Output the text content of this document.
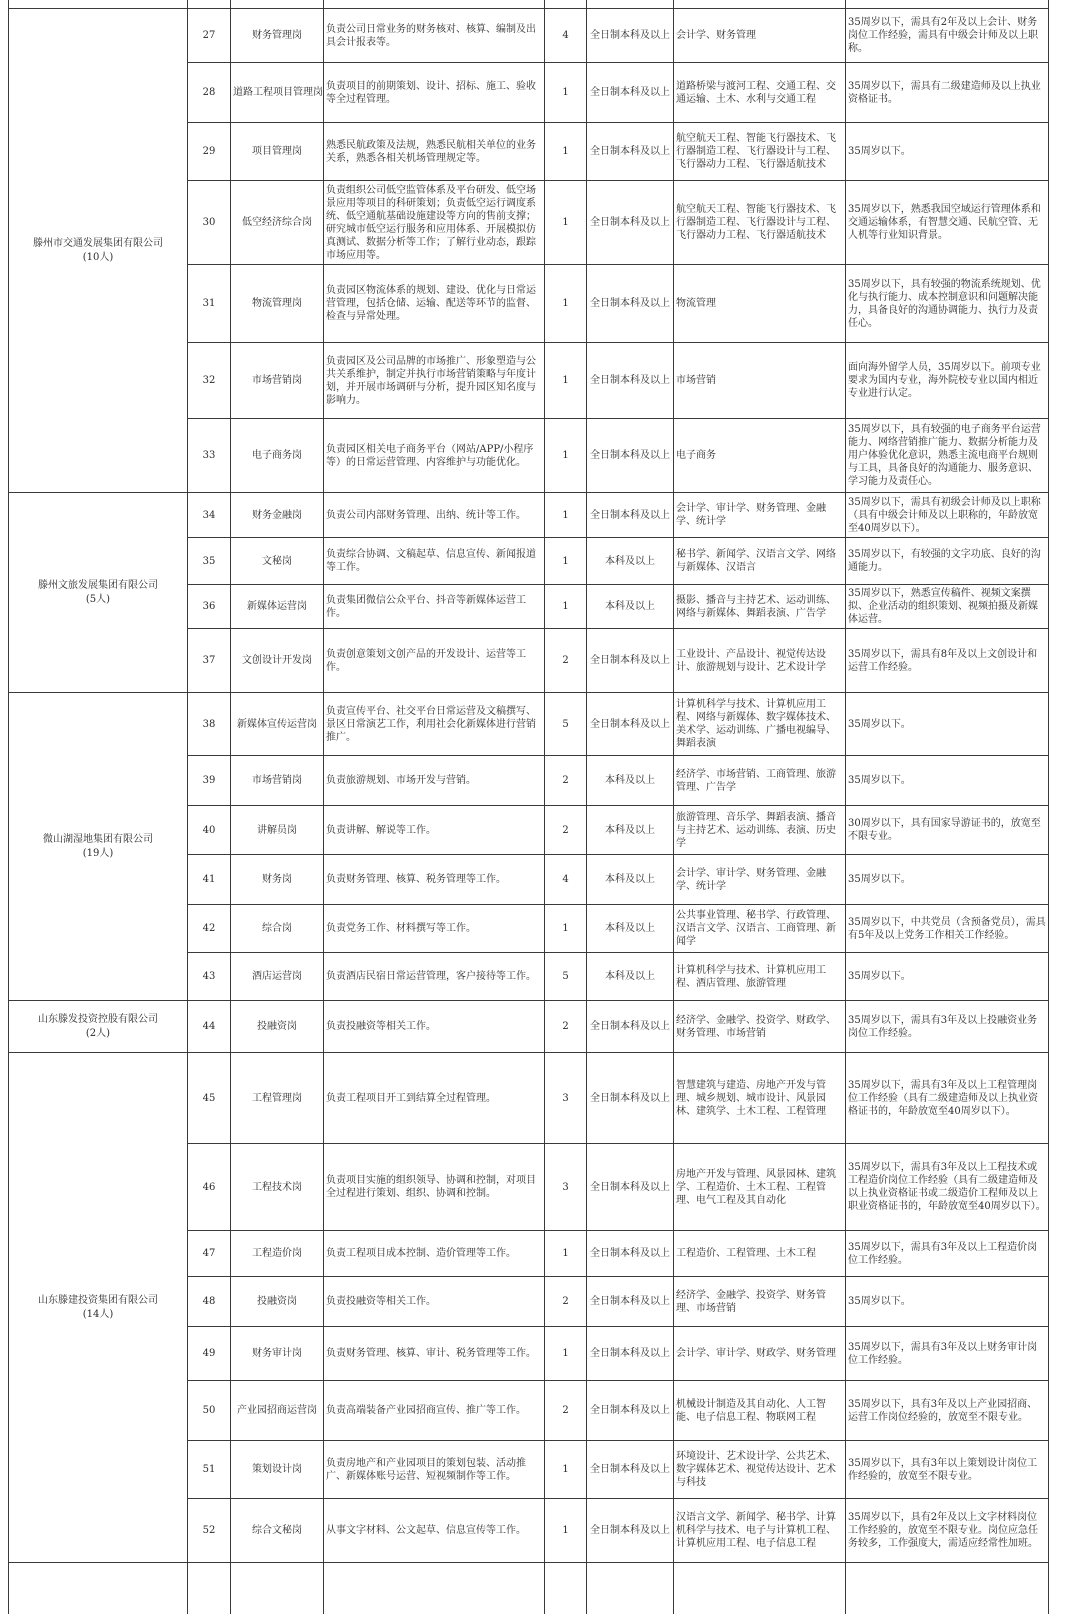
滕州市交通发展集团有限公司
(10人)	27	财务管理岗	负责公司日常业务的财务核对、核算、编制及出具会计报表等。	4	全日制本科及以上	会计学、财务管理	35周岁以下，需具有2年及以上会计、财务岗位工作经验，需具有中级会计师及以上职称。
	28	道路工程项目管理岗	负责项目的前期策划、设计、招标、施工、验收等全过程管理。	1	全日制本科及以上	道路桥梁与渡河工程、交通工程、交通运输、土木、水利与交通工程	35周岁以下，需具有二级建造师及以上执业资格证书。
	29	项目管理岗	熟悉民航政策及法规，熟悉民航相关单位的业务关系，熟悉各相关机场管理规定等。	1	全日制本科及以上	航空航天工程、智能飞行器技术、飞行器制造工程、飞行器设计与工程、飞行器动力工程、飞行器适航技术	35周岁以下。
	30	低空经济综合岗	负责组织公司低空监管体系及平台研发、低空场景应用等项目的科研策划；负责低空运行调度系统、低空通航基础设施建设等方向的售前支撑；研究城市低空运行服务和应用体系、开展模拟仿真测试、数据分析等工作；了解行业动态，跟踪市场应用等。	1	全日制本科及以上	航空航天工程、智能飞行器技术、飞行器制造工程、飞行器设计与工程、飞行器动力工程、飞行器适航技术	35周岁以下，熟悉我国空域运行管理体系和交通运输体系，有智慧交通、民航空管、无人机等行业知识背景。
	31	物流管理岗	负责园区物流体系的规划、建设、优化与日常运营管理，包括仓储、运输、配送等环节的监督、检查与异常处理。	1	全日制本科及以上	物流管理	35周岁以下，具有较强的物流系统规划、优化与执行能力、成本控制意识和问题解决能力，具备良好的沟通协调能力、执行力及责任心。
	32	市场营销岗	负责园区及公司品牌的市场推广、形象塑造与公共关系维护，制定并执行市场营销策略与年度计划，并开展市场调研与分析，提升园区知名度与影响力。	1	全日制本科及以上	市场营销	面向海外留学人员，35周岁以下。前项专业要求为国内专业，海外院校专业以国内相近专业进行认定。
	33	电子商务岗	负责园区相关电子商务平台（网站/APP/小程序等）的日常运营管理、内容维护与功能优化。	1	全日制本科及以上	电子商务	35周岁以下，具有较强的电子商务平台运营能力、网络营销推广能力、数据分析能力及用户体验优化意识，熟悉主流电商平台规则与工具，具备良好的沟通能力、服务意识、学习能力及责任心。

滕州文旅发展集团有限公司
(5人)	34	财务金融岗	负责公司内部财务管理、出纳、统计等工作。	1	全日制本科及以上	会计学、审计学、财务管理、金融学、统计学	35周岁以下，需具有初级会计师及以上职称（具有中级会计师及以上职称的，年龄放宽至40周岁以下）。
	35	文秘岗	负责综合协调、文稿起草、信息宣传、新闻报道等工作。	1	本科及以上	秘书学、新闻学、汉语言文学、网络与新媒体、汉语言	35周岁以下，有较强的文字功底、良好的沟通能力。
	36	新媒体运营岗	负责集团微信公众平台、抖音等新媒体运营工作。	1	本科及以上	摄影、播音与主持艺术、运动训练、网络与新媒体、舞蹈表演、广告学	35周岁以下，熟悉宣传稿件、视频文案撰拟、企业活动的组织策划、视频拍摄及新媒体运营。
	37	文创设计开发岗	负责创意策划文创产品的开发设计、运营等工作。	2	全日制本科及以上	工业设计、产品设计、视觉传达设计、旅游规划与设计、艺术设计学	35周岁以下，需具有8年及以上文创设计和运营工作经验。

微山湖湿地集团有限公司
(19人)	38	新媒体宣传运营岗	负责宣传平台、社交平台日常运营及文稿撰写、景区日常演艺工作，利用社会化新媒体进行营销推广。	5	全日制本科及以上	计算机科学与技术、计算机应用工程、网络与新媒体、数字媒体技术、美术学、运动训练、广播电视编导、舞蹈表演	35周岁以下。
	39	市场营销岗	负责旅游规划、市场开发与营销。	2	本科及以上	经济学、市场营销、工商管理、旅游管理、广告学	35周岁以下。
	40	讲解员岗	负责讲解、解说等工作。	2	本科及以上	旅游管理、音乐学、舞蹈表演、播音与主持艺术、运动训练、表演、历史学	30周岁以下，具有国家导游证书的，放宽至不限专业。
	41	财务岗	负责财务管理、核算、税务管理等工作。	4	本科及以上	会计学、审计学、财务管理、金融学、统计学	35周岁以下。
	42	综合岗	负责党务工作、材料撰写等工作。	1	本科及以上	公共事业管理、秘书学、行政管理、汉语言文学、汉语言、工商管理、新闻学	35周岁以下，中共党员（含预备党员），需具有5年及以上党务工作相关工作经验。
	43	酒店运营岗	负责酒店民宿日常运营管理，客户接待等工作。	5	本科及以上	计算机科学与技术、计算机应用工程、酒店管理、旅游管理	35周岁以下。

山东滕发投资控股有限公司
(2人)	44	投融资岗	负责投融资等相关工作。	2	全日制本科及以上	经济学、金融学、投资学、财政学、财务管理、市场营销	35周岁以下，需具有3年及以上投融资业务岗位工作经验。

山东滕建投资集团有限公司
(14人)	45	工程管理岗	负责工程项目开工到结算全过程管理。	3	全日制本科及以上	智慧建筑与建造、房地产开发与管理、城乡规划、城市设计、风景园林、建筑学、土木工程、工程管理	35周岁以下，需具有3年及以上工程管理岗位工作经验（具有二级建造师及以上执业资格证书的，年龄放宽至40周岁以下）。
	46	工程技术岗	负责项目实施的组织领导、协调和控制，对项目全过程进行策划、组织、协调和控制。	3	全日制本科及以上	房地产开发与管理、风景园林、建筑学、工程造价、土木工程、工程管理、电气工程及其自动化	35周岁以下，需具有3年及以上工程技术或工程造价岗位工作经验（具有二级建造师及以上执业资格证书或二级造价工程师及以上职业资格证书的，年龄放宽至40周岁以下）。
	47	工程造价岗	负责工程项目成本控制、造价管理等工作。	1	全日制本科及以上	工程造价、工程管理、土木工程	35周岁以下，需具有3年及以上工程造价岗位工作经验。
	48	投融资岗	负责投融资等相关工作。	2	全日制本科及以上	经济学、金融学、投资学、财务管理、市场营销	35周岁以下。
	49	财务审计岗	负责财务管理、核算、审计、税务管理等工作。	1	全日制本科及以上	会计学、审计学、财政学、财务管理	35周岁以下，需具有3年及以上财务审计岗位工作经验。
	50	产业园招商运营岗	负责高端装备产业园招商宣传、推广等工作。	2	全日制本科及以上	机械设计制造及其自动化、人工智能、电子信息工程、物联网工程	35周岁以下，具有3年及以上产业园招商、运营工作岗位经验的，放宽至不限专业。
	51	策划设计岗	负责房地产和产业园项目的策划包装、活动推广、新媒体账号运营、短视频制作等工作。	1	全日制本科及以上	环境设计、艺术设计学、公共艺术、数字媒体艺术、视觉传达设计、艺术与科技	35周岁以下，具有3年以上策划设计岗位工作经验的，放宽至不限专业。
	52	综合文秘岗	从事文字材料、公文起草、信息宣传等工作。	1	全日制本科及以上	汉语言文学、新闻学、秘书学、计算机科学与技术、电子与计算机工程、计算机应用工程、电子信息工程	35周岁以下，具有2年及以上文字材料岗位工作经验的，放宽至不限专业。岗位应急任务较多，工作强度大，需适应经常性加班。
